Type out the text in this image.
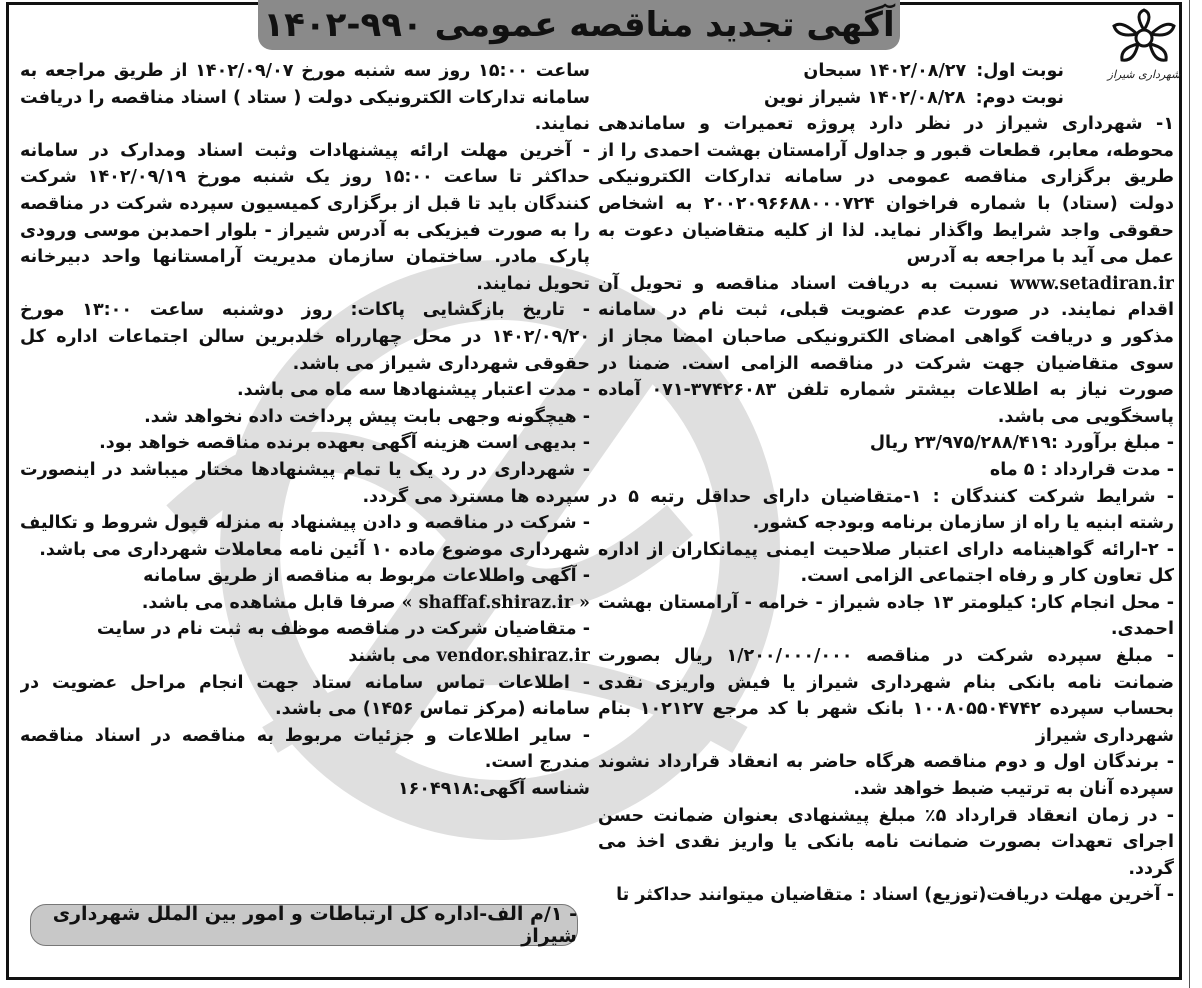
آگهی تجدید مناقصه عمومی ۹۹۰-۱۴۰۲
شهرداری شیراز
نوبت اول:
۱۴۰۲/۰۸/۲۷ سبحان
نوبت دوم:
۱۴۰۲/۰۸/۲۸ شیراز نوین

۱- شهرداری شیراز در نظر دارد پروژه تعمیرات و ساماندهی محوطه، معابر، قطعات قبور و جداول آرامستان بهشت احمدی را از طریق برگزاری مناقصه عمومی در سامانه تدارکات الکترونیکی دولت (ستاد) با شماره فراخوان ۲۰۰۲۰۹۶۶۸۸۰۰۰۷۲۴ به اشخاص حقوقی واجد شرایط واگذار نماید. لذا از کلیه متقاضیان دعوت به عمل می آید با مراجعه به آدرس

www.setadiran.ir نسبت به دریافت اسناد مناقصه و تحویل آن اقدام نمایند. در صورت عدم عضویت قبلی، ثبت نام در سامانه مذکور و دریافت گواهی امضای الکترونیکی صاحبان امضا مجاز از سوی متقاضیان جهت شرکت در مناقصه الزامی است. ضمنا در صورت نیاز به اطلاعات بیشتر شماره تلفن ۳۷۴۲۶۰۸۳-۰۷۱ آماده پاسخگویی می باشد.

- مبلغ برآورد :۲۳/۹۷۵/۲۸۸/۴۱۹ ریال

- مدت قرارداد : ۵ ماه

- شرایط شرکت کنندگان : ۱-متقاضیان دارای حداقل رتبه ۵ در رشته ابنیه یا راه از سازمان برنامه وبودجه کشور.

- ۲-ارائه گواهینامه دارای اعتبار صلاحیت ایمنی پیمانکاران از اداره کل تعاون کار و رفاه اجتماعی الزامی است.

- محل انجام کار: کیلومتر ۱۳ جاده شیراز - خرامه - آرامستان بهشت احمدی.

- مبلغ سپرده شرکت در مناقصه ۱/۲۰۰/۰۰۰/۰۰۰ ریال بصورت ضمانت نامه بانکی بنام شهرداری شیراز یا فیش واریزی نقدی بحساب سپرده ۱۰۰۸۰۵۵۰۴۷۴۲ بانک شهر با کد مرجع ۱۰۲۱۲۷ بنام شهرداری شیراز

- برندگان اول و دوم مناقصه هرگاه حاضر به انعقاد قرارداد نشوند سپرده آنان به ترتیب ضبط خواهد شد.

- در زمان انعقاد قرارداد ۵٪ مبلغ پیشنهادی بعنوان ضمانت حسن اجرای تعهدات بصورت ضمانت نامه بانکی یا واریز نقدی اخذ می گردد.

- آخرین مهلت دریافت(توزیع) اسناد : متقاضیان میتوانند حداکثر تا

ساعت ۱۵:۰۰ روز سه شنبه مورخ ۱۴۰۲/۰۹/۰۷ از طریق مراجعه به سامانه تدارکات الکترونیکی دولت ( ستاد ) اسناد مناقصه را دریافت نمایند.

- آخرین مهلت ارائه پیشنهادات وثبت اسناد ومدارک در سامانه حداکثر تا ساعت ۱۵:۰۰ روز یک شنبه مورخ ۱۴۰۲/۰۹/۱۹ شرکت کنندگان باید تا قبل از برگزاری کمیسیون سپرده شرکت در مناقصه را به صورت فیزیکی به آدرس شیراز - بلوار احمدبن موسی ورودی پارک مادر. ساختمان سازمان مدیریت آرامستانها واحد دبیرخانه تحویل نمایند.

- تاریخ بازگشایی پاکات: روز دوشنبه ساعت ۱۳:۰۰ مورخ ۱۴۰۲/۰۹/۲۰ در محل چهارراه خلدبرین سالن اجتماعات اداره کل حقوقی شهرداری شیراز می باشد.

- مدت اعتبار پیشنهادها سه ماه می باشد.

- هیچگونه وجهی بابت پیش پرداخت داده نخواهد شد.

- بدیهی است هزینه آگهی بعهده برنده مناقصه خواهد بود.

- شهرداری در رد یک یا تمام پیشنهادها مختار میباشد در اینصورت سپرده ها مسترد می گردد.

- شرکت در مناقصه و دادن پیشنهاد به منزله قبول شروط و تکالیف شهرداری موضوع ماده ۱۰ آئین نامه معاملات شهرداری می باشد.

- آگهی واطلاعات مربوط به مناقصه از طریق سامانه

« shaffaf.shiraz.ir » صرفا قابل مشاهده می باشد.

- متقاضیان شرکت در مناقصه موظف به ثبت نام در سایت

vendor.shiraz.ir می باشند

- اطلاعات تماس سامانه ستاد جهت انجام مراحل عضویت در سامانه (مرکز تماس ۱۴۵۶) می باشد.

- سایر اطلاعات و جزئیات مربوط به مناقصه در اسناد مناقصه مندرج است.

شناسه آگهی:۱۶۰۴۹۱۸

- ۱/م الف-اداره کل ارتباطات و امور بین الملل شهرداری شیراز
